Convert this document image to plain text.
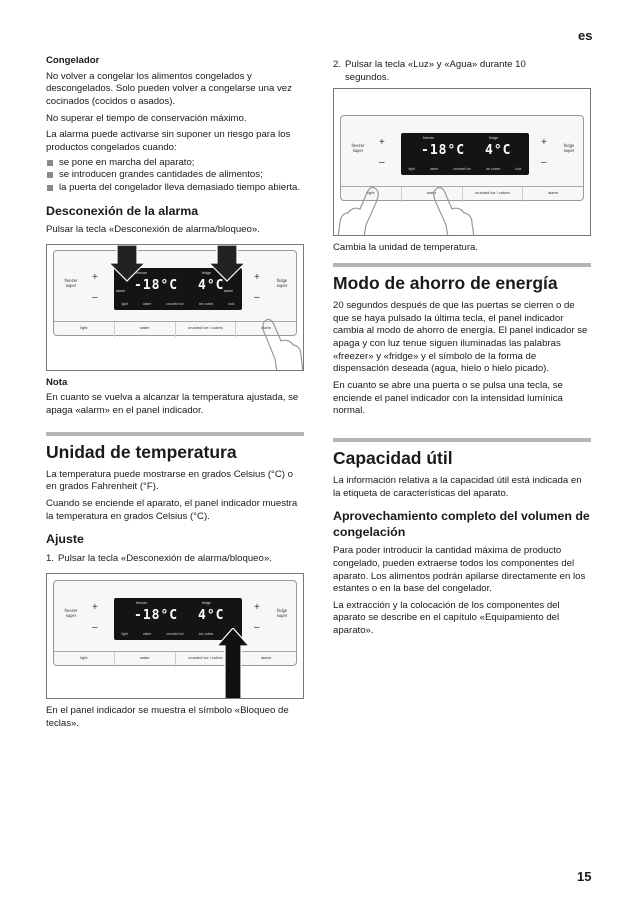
es
Congelador

No volver a congelar los alimentos congelados y descongelados. Solo pueden volver a congelarse una vez cocinados (cocidos o asados).

No superar el tiempo de conservación máximo.

La alarma puede activarse sin suponer un riesgo para los productos congelados cuando:

se pone en marcha del aparato;
se introducen grandes cantidades de alimentos;
la puerta del congelador lleva demasiado tiempo abierta.
Desconexión de la alarma

Pulsar la tecla «Desconexión de alarma/bloqueo».

freezer
super
+
–
freezer	fridge
-18°C 4°C
alarm	alarm
light	water	crushed ice	ice cubes	lock
+
–
fridge
super
light	water	crushed ice / cubes	alarm
Nota

En cuanto se vuelva a alcanzar la temperatura ajustada, se apaga «alarm» en el panel indicador.

Unidad de temperatura

La temperatura puede mostrarse en grados Celsius (°C) o en grados Fahrenheit (°F).

Cuando se enciende el aparato, el panel indicador muestra la temperatura en grados Celsius (°C).

Ajuste
1. Pulsar la tecla «Desconexión de alarma/bloqueo».
freezer
super
+
–
freezer	fridge
-18°C 4°C
light	water	crushed ice	ice cubes
+
–
fridge
super
light	water	crushed ice / cubes	alarm

En el panel indicador se muestra el símbolo «Bloqueo de teclas».

2. Pulsar la tecla «Luz» y «Agua» durante 10 segundos.
freezer
super
+
–
freezer	fridge
-18°C 4°C
light	water	crushed ice	ice cubes	lock
+
–
fridge
super
light	water	crushed ice / cubes	alarm

Cambia la unidad de temperatura.

Modo de ahorro de energía

20 segundos después de que las puertas se cierren o de que se haya pulsado la última tecla, el panel indicador cambia al modo de ahorro de energía. El panel indicador se apaga y con luz tenue siguen iluminadas las palabras «freezer» y «fridge» y el símbolo de la forma de dispensación deseada (agua, hielo o hielo picado).

En cuanto se abre una puerta o se pulsa una tecla, se enciende el panel indicador con la intensidad lumínica normal.

Capacidad útil

La información relativa a la capacidad útil está indicada en la etiqueta de características del aparato.

Aprovechamiento completo del volumen de congelación

Para poder introducir la cantidad máxima de producto congelado, pueden extraerse todos los componentes del aparato. Los alimentos podrán apilarse directamente en los estantes o en la base del congelador.

La extracción y la colocación de los componentes del aparato se describe en el capítulo «Equipamiento del aparato».

15
